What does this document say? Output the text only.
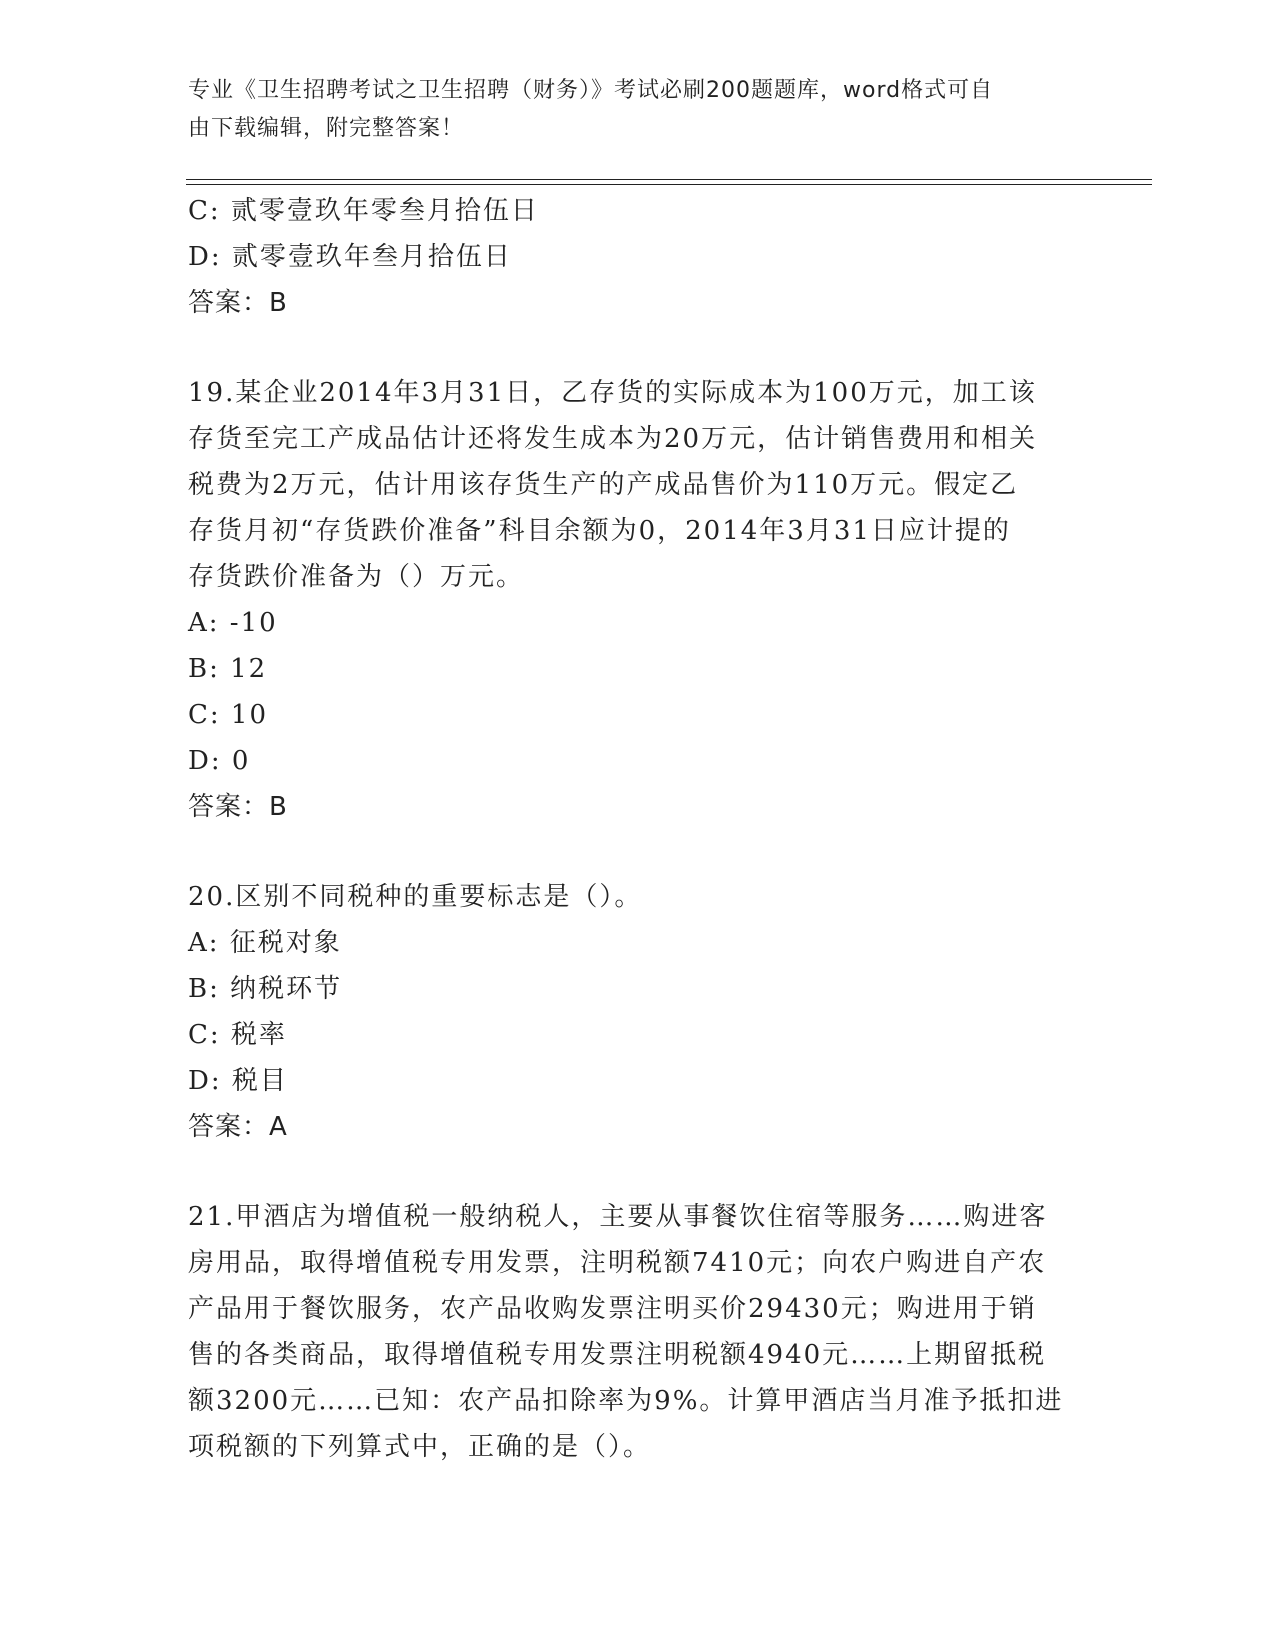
专业《卫生招聘考试之卫生招聘（财务）》考试必刷200题题库，word格式可自
由下载编辑，附完整答案！
C: 贰零壹玖年零叁月拾伍日
D: 贰零壹玖年叁月拾伍日
答案：B
19.某企业2014年3月31日，乙存货的实际成本为100万元，加工该
存货至完工产成品估计还将发生成本为20万元，估计销售费用和相关
税费为2万元，估计用该存货生产的产成品售价为110万元。假定乙
存货月初“存货跌价准备”科目余额为0，2014年3月31日应计提的
存货跌价准备为（）万元。
A: -10
B: 12
C: 10
D: 0
答案：B
20.区别不同税种的重要标志是（）。
A: 征税对象
B: 纳税环节
C: 税率
D: 税目
答案：A
21.甲酒店为增值税一般纳税人，主要从事餐饮住宿等服务……购进客
房用品，取得增值税专用发票，注明税额7410元；向农户购进自产农
产品用于餐饮服务，农产品收购发票注明买价29430元；购进用于销
售的各类商品，取得增值税专用发票注明税额4940元……上期留抵税
额3200元……已知：农产品扣除率为9%。计算甲酒店当月准予抵扣进
项税额的下列算式中，正确的是（）。
